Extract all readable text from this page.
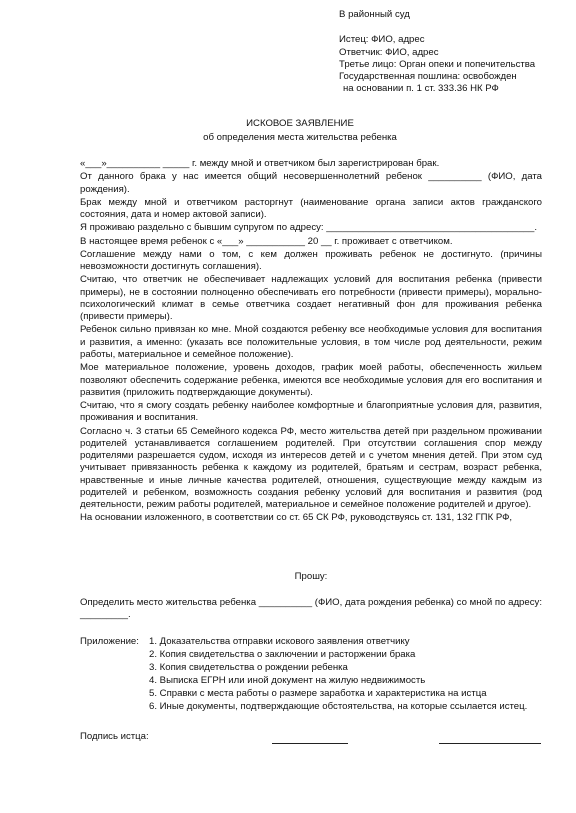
В районный суд
Истец: ФИО, адрес
Ответчик: ФИО, адрес
Третье лицо: Орган опеки и попечительства
Государственная пошлина: освобожден
на основании п. 1 ст. 333.36 НК РФ
ИСКОВОЕ ЗАЯВЛЕНИЕ
об определения места жительства ребенка

«___»__________ _____ г. между мной и ответчиком был зарегистрирован брак.

От данного брака у нас имеется общий несовершеннолетний ребенок __________ (ФИО, дата рождения).

Брак между мной и ответчиком расторгнут (наименование органа записи актов гражданского состояния, дата и номер актовой записи).

Я проживаю раздельно с бывшим супругом по адресу: _______________________________________.

В настоящее время ребенок с «___» ___________ 20 __ г. проживает с ответчиком.

Соглашение между нами о том, с кем должен проживать ребенок не достигнуто. (причины невозможности достигнуть соглашения).

Считаю, что ответчик не обеспечивает надлежащих условий для воспитания ребенка (привести примеры), не в состоянии полноценно обеспечивать его потребности (привести примеры), морально-психологический климат в семье ответчика создает негативный фон для проживания ребенка (привести примеры).

Ребенок сильно привязан ко мне. Мной создаются ребенку все необходимые условия для воспитания и развития, а именно: (указать все положительные условия, в том числе род деятельности, режим работы, материальное и семейное положение).

Мое материальное положение, уровень доходов, график моей работы, обеспеченность жильем позволяют обеспечить содержание ребенка, имеются все необходимые условия для его воспитания и развития (приложить подтверждающие документы).

Считаю, что я смогу создать ребенку наиболее комфортные и благоприятные условия для, развития, проживания и воспитания.

Согласно ч. 3 статьи 65 Семейного кодекса РФ, место жительства детей при раздельном проживании родителей устанавливается соглашением родителей. При отсутствии соглашения спор между родителями разрешается судом, исходя из интересов детей и с учетом мнения детей. При этом суд учитывает привязанность ребенка к каждому из родителей, братьям и сестрам, возраст ребенка, нравственные и иные личные качества родителей, отношения, существующие между каждым из родителей и ребенком, возможность создания ребенку условий для воспитания и развития (род деятельности, режим работы родителей, материальное и семейное положение родителей и другое).

На основании изложенного, в соответствии со ст. 65 СК РФ, руководствуясь ст. 131, 132 ГПК РФ,

Прошу:
Определить место жительства ребенка __________ (ФИО, дата рождения ребенка) со мной по адресу: _________.
Приложение: 1. Доказательства отправки искового заявления ответчику
2. Копия свидетельства о заключении и расторжении брака
3. Копия свидетельства о рождении ребенка
4. Выписка ЕГРН или иной документ на жилую недвижимость
5. Справки с места работы о размере заработка и характеристика на истца
6. Иные документы, подтверждающие обстоятельства, на которые ссылается истец.
Подпись истца:
